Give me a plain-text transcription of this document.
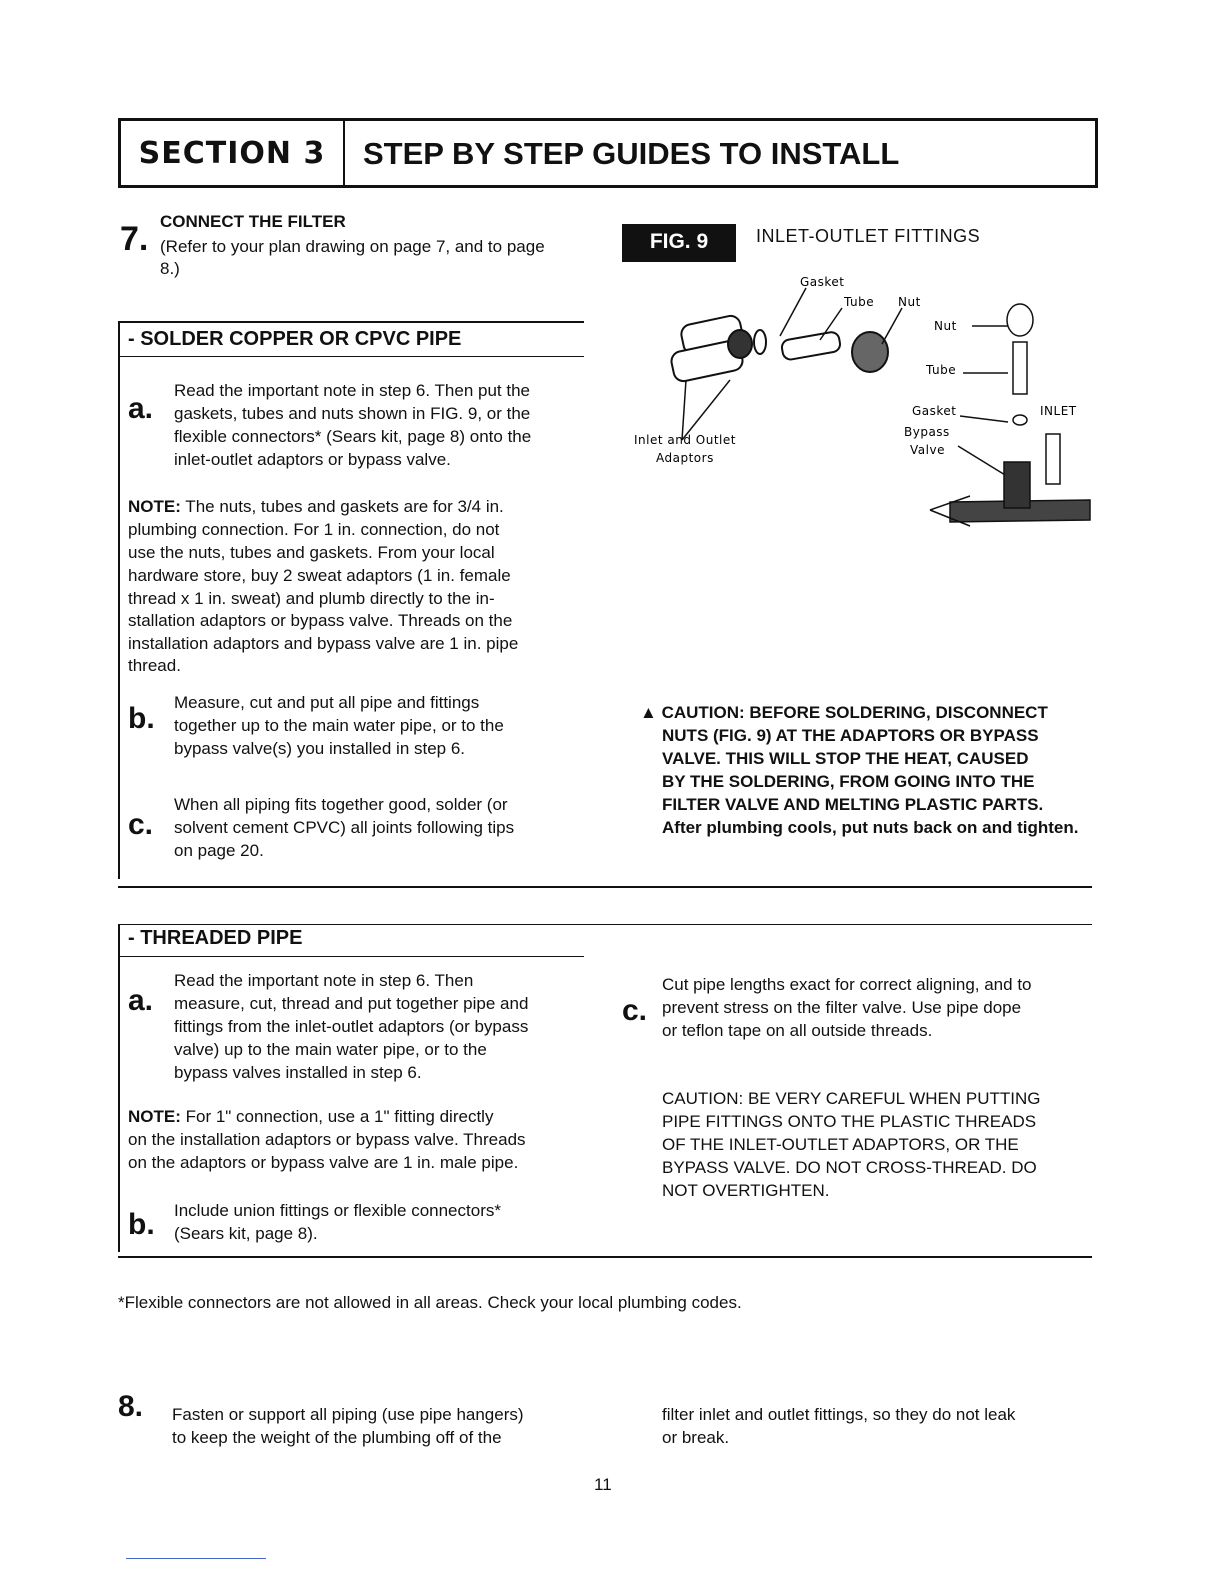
SECTION 3	STEP BY STEP GUIDES TO INSTALL
7. CONNECT THE FILTER
(Refer to your plan drawing on page 7, and to page
8.)
- SOLDER COPPER OR CPVC PIPE
a.
Read the important note in step 6. Then put the
gaskets, tubes and nuts shown in FIG. 9, or the
flexible connectors* (Sears kit, page 8) onto the
inlet-outlet adaptors or bypass valve.
NOTE: The nuts, tubes and gaskets are for 3/4 in.
plumbing connection. For 1 in. connection, do not
use the nuts, tubes and gaskets. From your local
hardware store, buy 2 sweat adaptors (1 in. female
thread x 1 in. sweat) and plumb directly to the in-
stallation adaptors or bypass valve. Threads on the
installation adaptors and bypass valve are 1 in. pipe
thread.
b. Measure, cut and put all pipe and fittings
together up to the main water pipe, or to the
bypass valve(s) you installed in step 6.
c.
When all piping fits together good, solder (or
solvent cement CPVC) all joints following tips
on page 20.
FIG. 9	INLET-OUTLET FITTINGS
Gasket
Tube Nut
Nut
Tube
Gasket	INLET
Bypass
Valve
Inlet and Outlet
Adaptors
▲ CAUTION: BEFORE SOLDERING, DISCONNECT
NUTS (FIG. 9) AT THE ADAPTORS OR BYPASS
VALVE. THIS WILL STOP THE HEAT, CAUSED
BY THE SOLDERING, FROM GOING INTO THE
FILTER VALVE AND MELTING PLASTIC PARTS.
After plumbing cools, put nuts back on and tighten.
- THREADED PIPE
a.
Read the important note in step 6. Then
measure, cut, thread and put together pipe and
fittings from the inlet-outlet adaptors (or bypass
valve) up to the main water pipe, or to the
bypass valves installed in step 6.
NOTE: For 1" connection, use a 1" fitting directly
on the installation adaptors or bypass valve. Threads
on the adaptors or bypass valve are 1 in. male pipe.
b. Include union fittings or flexible connectors*
(Sears kit, page 8).
c.
Cut pipe lengths exact for correct aligning, and to
prevent stress on the filter valve. Use pipe dope
or teflon tape on all outside threads.
CAUTION: BE VERY CAREFUL WHEN PUTTING
PIPE FITTINGS ONTO THE PLASTIC THREADS
OF THE INLET-OUTLET ADAPTORS, OR THE
BYPASS VALVE. DO NOT CROSS-THREAD. DO
NOT OVERTIGHTEN.
*Flexible connectors are not allowed in all areas. Check your local plumbing codes.
8. Fasten or support all piping (use pipe hangers)
to keep the weight of the plumbing off of the
filter inlet and outlet fittings, so they do not leak
or break.
11
